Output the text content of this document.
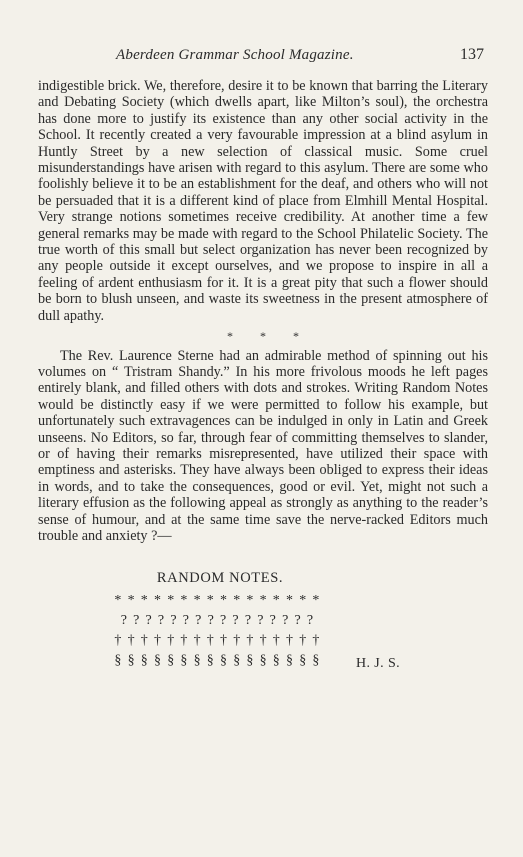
Aberdeen Grammar School Magazine.	137

indigestible brick. We, therefore, desire it to be known that barring the Literary and Debating Society (which dwells apart, like Milton’s soul), the orchestra has done more to justify its existence than any other social activity in the School. It recently created a very favourable impression at a blind asylum in Huntly Street by a new selection of classical music. Some cruel misunderstandings have arisen with regard to this asylum. There are some who foolishly believe it to be an establishment for the deaf, and others who will not be persuaded that it is a different kind of place from Elmhill Mental Hospital. Very strange notions sometimes receive credibility. At another time a few general remarks may be made with regard to the School Philatelic Society. The true worth of this small but select organization has never been recognized by any people outside it except ourselves, and we propose to inspire in all a feeling of ardent enthusiasm for it. It is a great pity that such a flower should be born to blush unseen, and waste its sweetness in the present atmosphere of dull apathy.

* * *

The Rev. Laurence Sterne had an admirable method of spinning out his volumes on “ Tristram Shandy.” In his more frivolous moods he left pages entirely blank, and filled others with dots and strokes. Writing Random Notes would be distinctly easy if we were permitted to follow his example, but unfortunately such extravagences can be indulged in only in Latin and Greek unseens. No Editors, so far, through fear of committing themselves to slander, or of having their remarks misrepresented, have utilized their space with emptiness and asterisks. They have always been obliged to express their ideas in words, and to take the consequences, good or evil. Yet, might not such a literary effusion as the following appeal as strongly as anything to the reader’s sense of humour, and at the same time save the nerve-racked Editors much trouble and anxiety ?—

RANDOM NOTES.
****************
????????????????
††††††††††††††††
§§§§§§§§§§§§§§§§	H. J. S.
